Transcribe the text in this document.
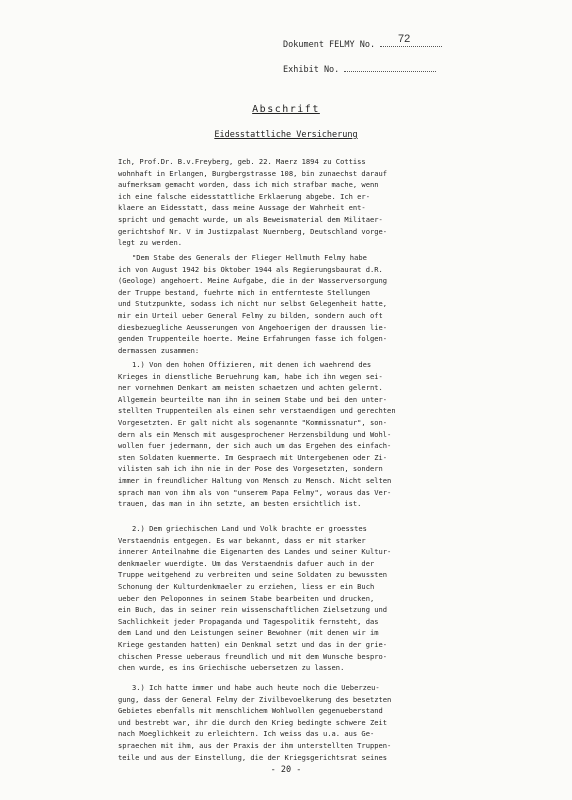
Dokument FELMY No. 72
Exhibit No.
Abschrift
Eidesstattliche Versicherung
Ich, Prof.Dr. B.v.Freyberg, geb. 22. Maerz 1894 zu Cottiss
wohnhaft in Erlangen, Burgbergstrasse 108, bin zunaechst darauf
aufmerksam gemacht worden, dass ich mich strafbar mache, wenn
ich eine falsche eidesstattliche Erklaerung abgebe. Ich er-
klaere an Eidesstatt, dass meine Aussage der Wahrheit ent-
spricht und gemacht wurde, um als Beweismaterial dem Militaer-
gerichtshof Nr. V im Justizpalast Nuernberg, Deutschland vorge-
legt zu werden.
"Dem Stabe des Generals der Flieger Hellmuth Felmy habe
ich von August 1942 bis Oktober 1944 als Regierungsbaurat d.R.
(Geologe) angehoert. Meine Aufgabe, die in der Wasserversorgung
der Truppe bestand, fuehrte mich in entferntestе Stellungen
und Stutzpunkte, sodass ich nicht nur selbst Gelegenheit hatte,
mir ein Urteil ueber General Felmy zu bilden, sondern auch oft
diesbezuegliche Aeusserungen von Angehoerigen der draussen lie-
genden Truppenteile hoerte. Meine Erfahrungen fasse ich folgen-
dermassen zusammen:
1.) Von den hohen Offizieren, mit denen ich waehrend des
Krieges in dienstliche Beruehrung kam, habe ich ihn wegen sei-
ner vornehmen Denkart am meisten schaetzen und achten gelernt.
Allgemein beurteilte man ihn in seinem Stabe und bei den unter-
stellten Truppenteilen als einen sehr verstaendigen und gerechten
Vorgesetzten. Er galt nicht als sogenannte "Kommissnatur", son-
dern als ein Mensch mit ausgesprochener Herzensbildung und Wohl-
wollen fuer jedermann, der sich auch um das Ergehen des einfach-
sten Soldaten kuemmerte. Im Gespraech mit Untergebenen oder Zi-
vilisten sah ich ihn nie in der Pose des Vorgesetzten, sondern
immer in freundlicher Haltung von Mensch zu Mensch. Nicht selten
sprach man von ihm als von "unserem Papa Felmy", woraus das Ver-
trauen, das man in ihn setzte, am besten ersichtlich ist.
2.) Dem griechischen Land und Volk brachte er groesstes
Verstaendnis entgegen. Es war bekannt, dass er mit starker
innerer Anteilnahme die Eigenarten des Landes und seiner Kultur-
denkmaeler wuerdigte. Um das Verstaendnis dafuer auch in der
Truppe weitgehend zu verbreiten und seine Soldaten zu bewussten
Schonung der Kulturdenkmaeler zu erziehen, liess er ein Buch
ueber den Peloponnes in seinem Stabe bearbeiten und drucken,
ein Buch, das in seiner rein wissenschaftlichen Zielsetzung und
Sachlichkeit jeder Propaganda und Tagespolitik fernsteht, das
dem Land und den Leistungen seiner Bewohner (mit denen wir im
Kriege gestanden hatten) ein Denkmal setzt und das in der grie-
chischen Presse ueberaus freundlich und mit dem Wunsche bespro-
chen wurde, es ins Griechische uebersetzen zu lassen.
3.) Ich hatte immer und habe auch heute noch die Ueberzeu-
gung, dass der General Felmy der Zivilbevoelkerung des besetzten
Gebietes ebenfalls mit menschlichem Wohlwollen gegenueberstand
und bestrebt war, ihr die durch den Krieg bedingte schwere Zeit
nach Moeglichkeit zu erleichtern. Ich weiss das u.a. aus Ge-
spraechen mit ihm, aus der Praxis der ihm unterstellten Truppen-
teile und aus der Einstellung, die der Kriegsgerichtsrat seines
- 20 -
